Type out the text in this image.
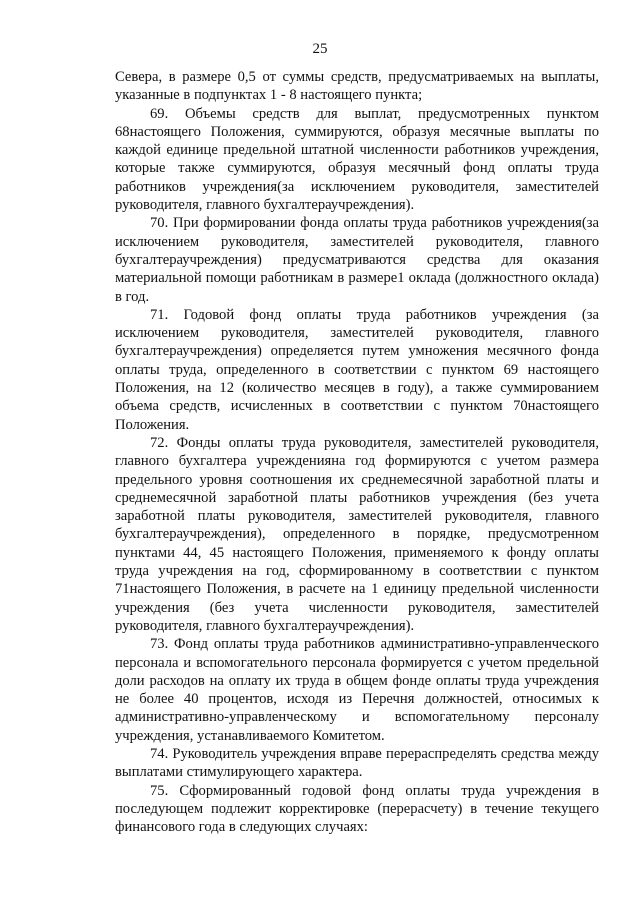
25

Севера, в размере 0,5 от суммы средств, предусматриваемых на выплаты, указанные в подпунктах 1 - 8 настоящего пункта;

69. Объемы средств для выплат, предусмотренных пунктом 68настоящего Положения, суммируются, образуя месячные выплаты по каждой единице предельной штатной численности работников учреждения, которые также суммируются, образуя месячный фонд оплаты труда работников учреждения(за исключением руководителя, заместителей руководителя, главного бухгалтераучреждения).

70. При формировании фонда оплаты труда работников учреждения(за исключением руководителя, заместителей руководителя, главного бухгалтераучреждения) предусматриваются средства для оказания материальной помощи работникам в размере1 оклада (должностного оклада) в год.

71. Годовой фонд оплаты труда работников учреждения (за исключением руководителя, заместителей руководителя, главного бухгалтераучреждения) определяется путем умножения месячного фонда оплаты труда, определенного в соответствии с пунктом 69 настоящего Положения, на 12 (количество месяцев в году), а также суммированием объема средств, исчисленных в соответствии с пунктом 70настоящего Положения.

72. Фонды оплаты труда руководителя, заместителей руководителя, главного бухгалтера учрежденияна год формируются с учетом размера предельного уровня соотношения их среднемесячной заработной платы и среднемесячной заработной платы работников учреждения (без учета заработной платы руководителя, заместителей руководителя, главного бухгалтераучреждения), определенного в порядке, предусмотренном пунктами 44, 45 настоящего Положения, применяемого к фонду оплаты труда учреждения на год, сформированному в соответствии с пунктом 71настоящего Положения, в расчете на 1 единицу предельной численности учреждения (без учета численности руководителя, заместителей руководителя, главного бухгалтераучреждения).

73. Фонд оплаты труда работников административно-управленческого персонала и вспомогательного персонала формируется с учетом предельной доли расходов на оплату их труда в общем фонде оплаты труда учреждения не более 40 процентов, исходя из Перечня должностей, относимых к административно-управленческому и вспомогательному персоналу учреждения, устанавливаемого Комитетом.

74. Руководитель учреждения вправе перераспределять средства между выплатами стимулирующего характера.

75. Сформированный годовой фонд оплаты труда учреждения в последующем подлежит корректировке (перерасчету) в течение текущего финансового года в следующих случаях:
